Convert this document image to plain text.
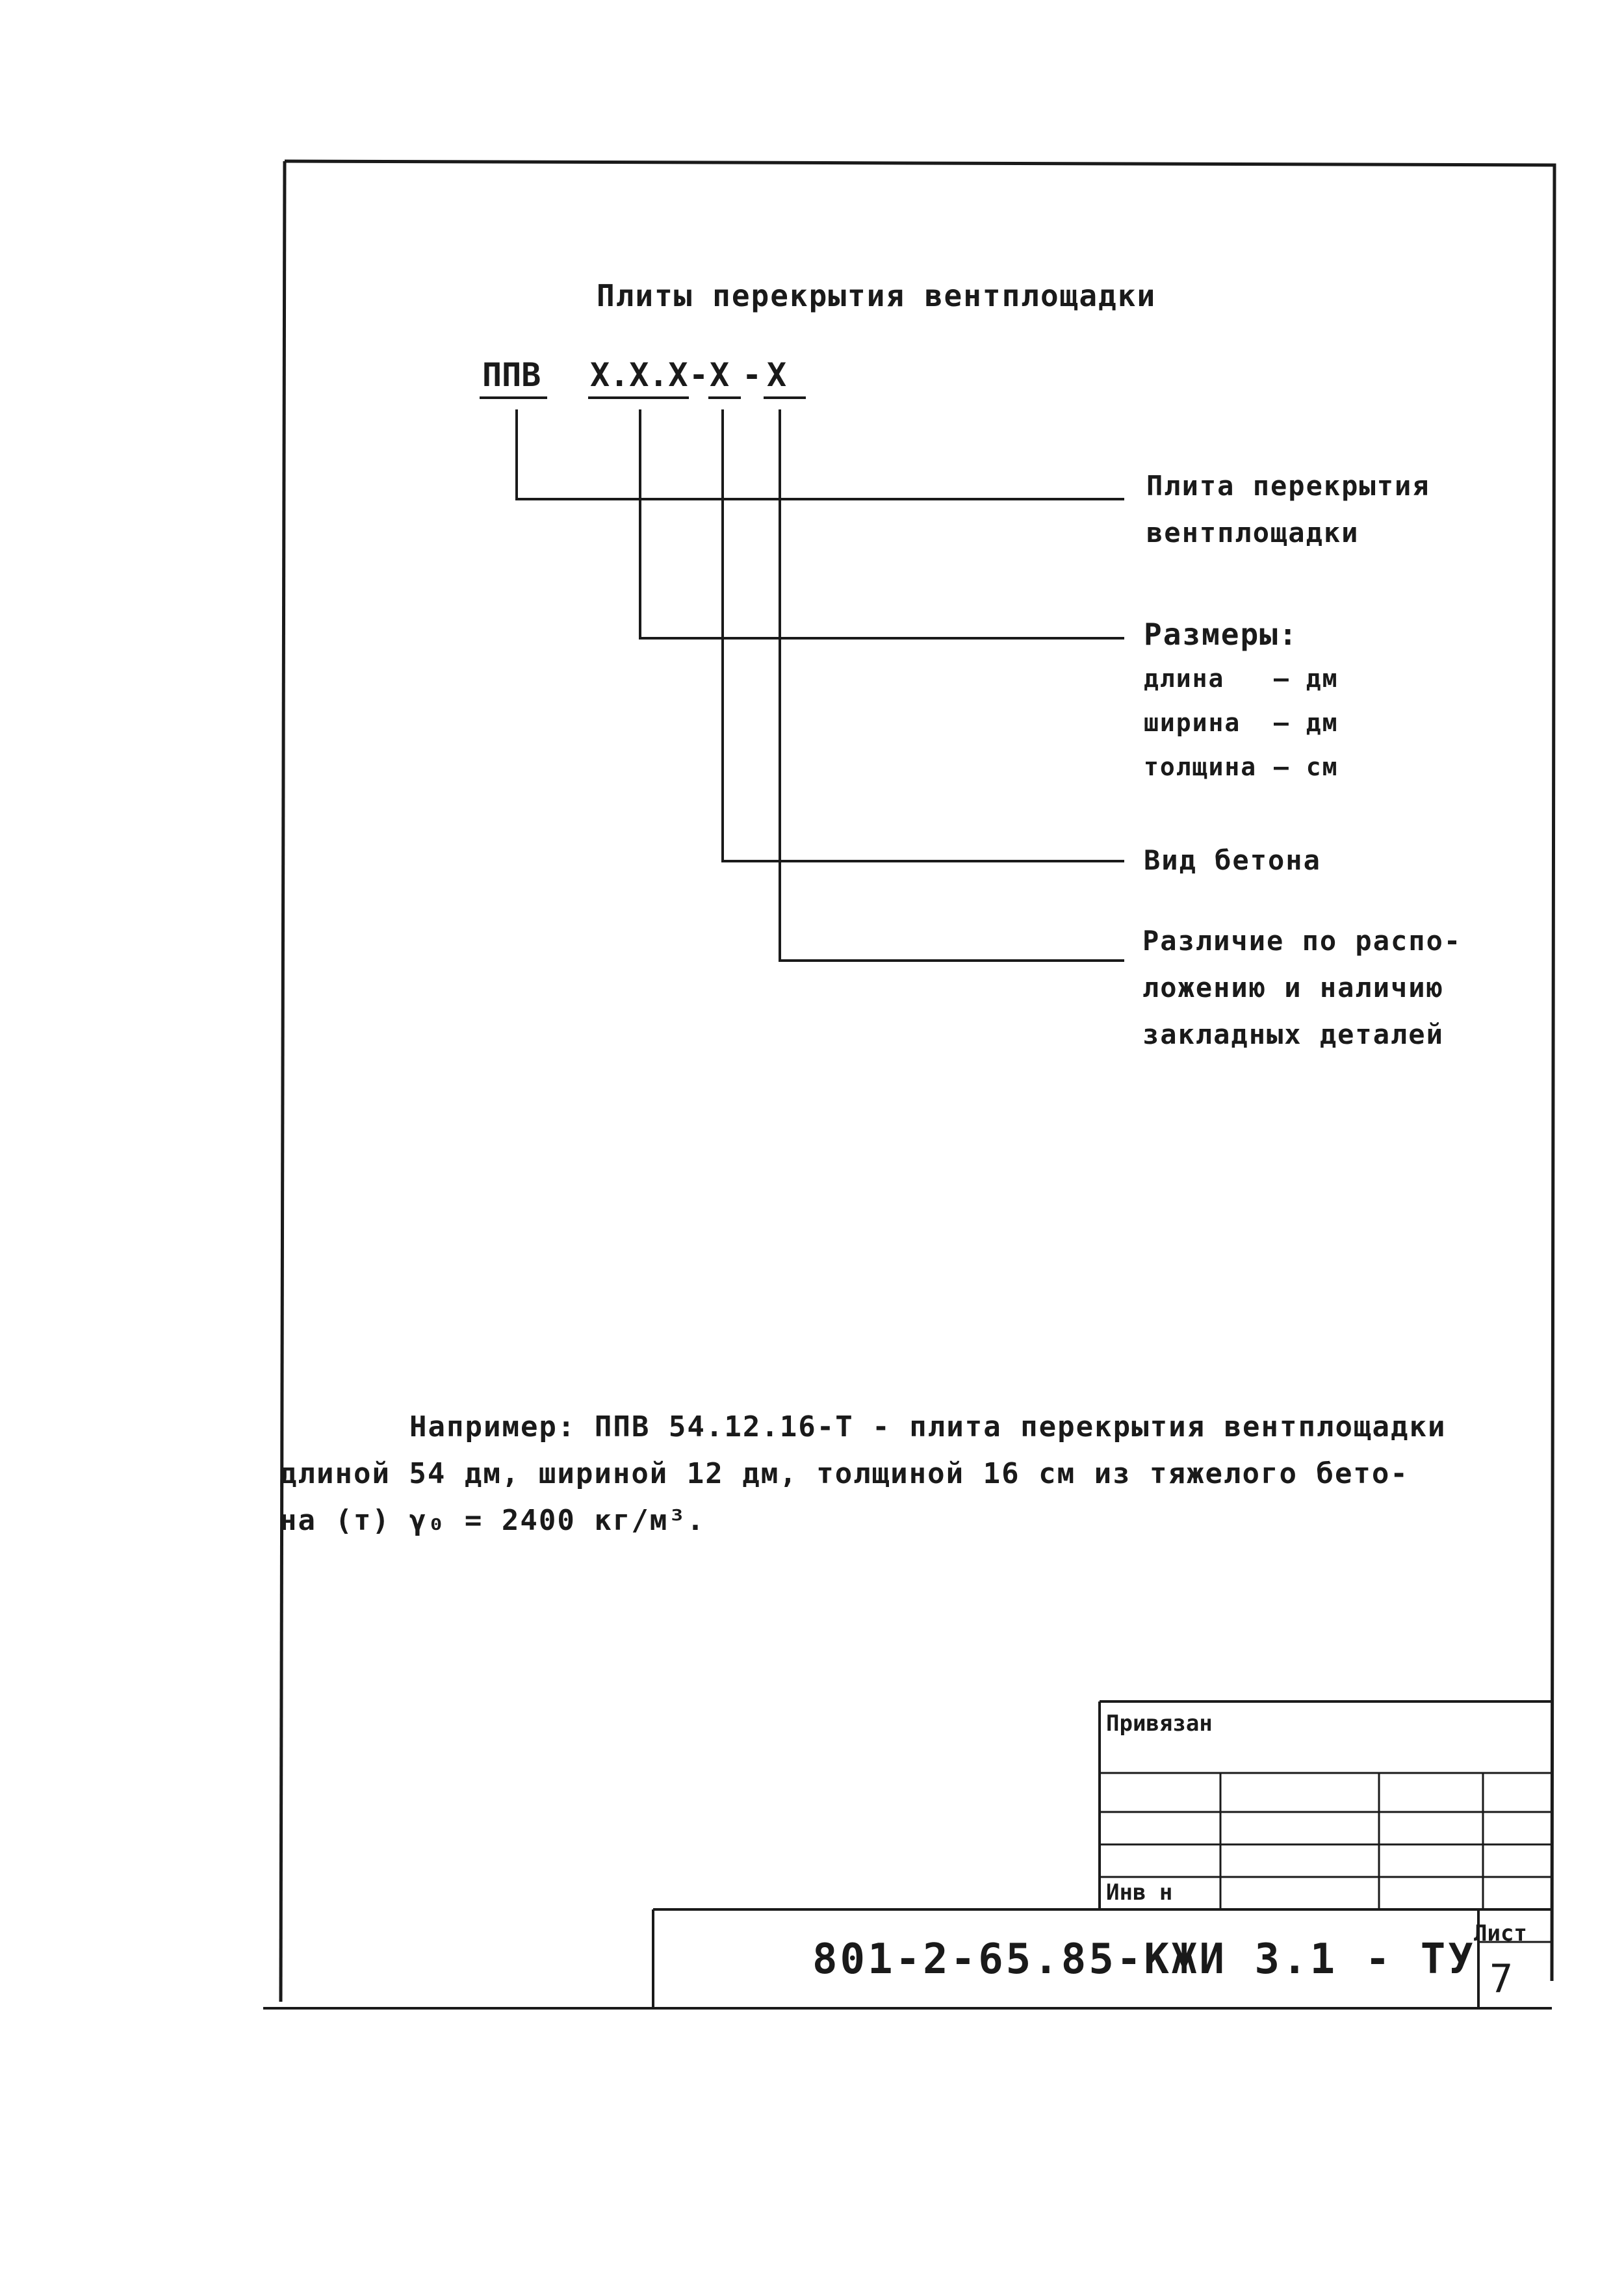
Плиты перекрытия вентплощадки
ППВ X.X.X - X - X
Плита перекрытия
вентплощадки
Размеры:
длина — дм
ширина — дм
толщина — см
Вид бетона
Различие по распо-
ложению и наличию
закладных деталей
Например: ППВ 54.12.16-Т - плита перекрытия вентплощадки
длиной 54 дм, шириной 12 дм, толщиной 16 см из тяжелого бето-
на (т) γ₀ = 2400 кг/м³.
Привязан
Инв н
801-2-65.85-КЖИ 3.1 - ТУ
Лист
7
